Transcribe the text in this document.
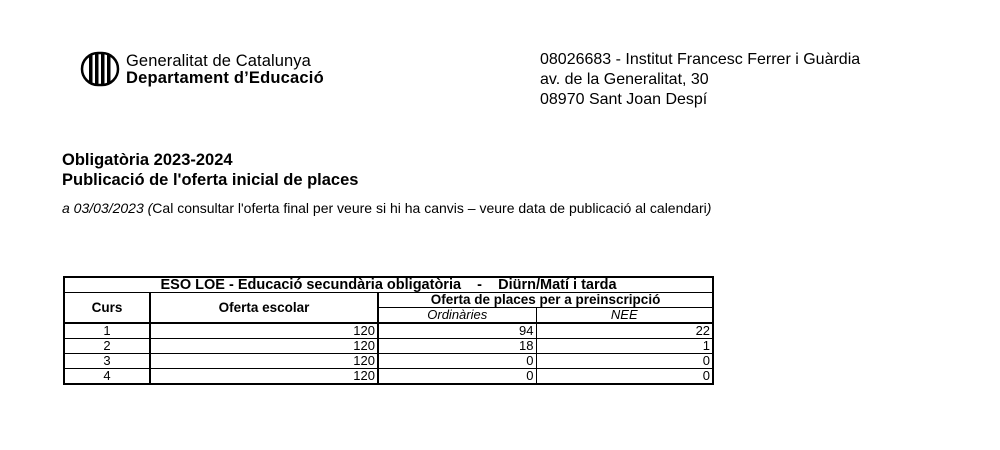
Generalitat de Catalunya
Departament d’Educació
08026683 - Institut Francesc Ferrer i Guàrdia
av. de la Generalitat, 30
08970 Sant Joan Despí
Obligatòria 2023-2024
Publicació de l'oferta inicial de places
a 03/03/2023 (Cal consultar l'oferta final per veure si hi ha canvis – veure data de publicació al calendari)
ESO LOE - Educació secundària obligatòria    -    Diürn/Matí i tarda			
Curs	Oferta escolar	Oferta de places per a preinscripció	
		Ordinàries	NEE
1	120	94	22
2	120	18	1
3	120	0	0
4	120	0	0
